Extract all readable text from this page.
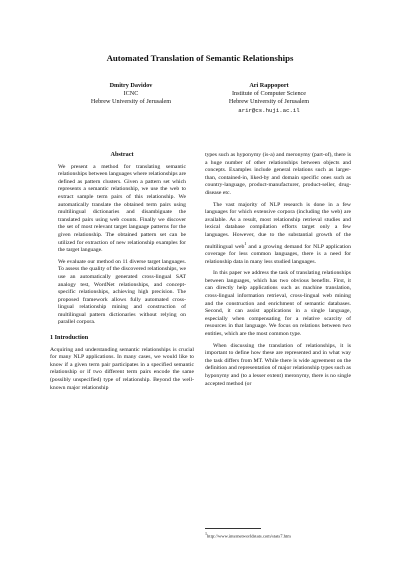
Automated Translation of Semantic Relationships
Dmitry Davidov
ICNC
Hebrew University of Jerusalem
Ari Rappoport
Institute of Computer Science
Hebrew University of Jerusalem
arir@cs.huji.ac.il
Abstract

We present a method for translating semantic relationships between languages where relationships are defined as pattern clusters. Given a pattern set which represents a semantic relationship, we use the web to extract sample term pairs of this relationship. We automatically translate the obtained term pairs using multilingual dictionaries and disambiguate the translated pairs using web counts. Finally we discover the set of most relevant target language patterns for the given relationship. The obtained pattern set can be utilized for extraction of new relationship examples for the target language.

We evaluate our method on 11 diverse target languages. To assess the quality of the discovered relationships, we use an automatically generated cross-lingual SAT analogy test, WordNet relationships, and concept-specific relationships, achieving high precision. The proposed framework allows fully automated cross-lingual relationship mining and construction of multilingual pattern dictionaries without relying on parallel corpora.

1 Introduction

Acquiring and understanding semantic relationships is crucial for many NLP applications. In many cases, we would like to know if a given term pair participates in a specified semantic relationship or if two different term pairs encode the same (possibly unspecified) type of relationship. Beyond the well-known major relationship

types such as hyponymy (is-a) and meronymy (part-of), there is a huge number of other relationships between objects and concepts. Examples include general relations such as larger-than, contained-in, liked-by and domain specific ones such as country-language, product-manufacturer, product-seller, drug-disease etc.

The vast majority of NLP research is done in a few languages for which extensive corpora (including the web) are available. As a result, most relationship retrieval studies and lexical database compilation efforts target only a few languages. However, due to the substantial growth of the multilingual web$^1$ and a growing demand for NLP application coverage for less common languages, there is a need for relationship data in many less studied languages.

In this paper we address the task of translating relationships between languages, which has two obvious benefits. First, it can directly help applications such as machine translation, cross-lingual information retrieval, cross-lingual web mining and the construction and enrichment of semantic databases. Second, it can assist applications in a single language, especially when compensating for a relative scarcity of resources in that language. We focus on relations between two entities, which are the most common type.

When discussing the translation of relationships, it is important to define how these are represented and in what way the task differs from MT. While there is wide agreement on the definition and representation of major relationship types such as hyponymy and (to a lesser extent) meronymy, there is no single accepted method (or

$^1$http://www.internetworldstats.com/stats7.htm
